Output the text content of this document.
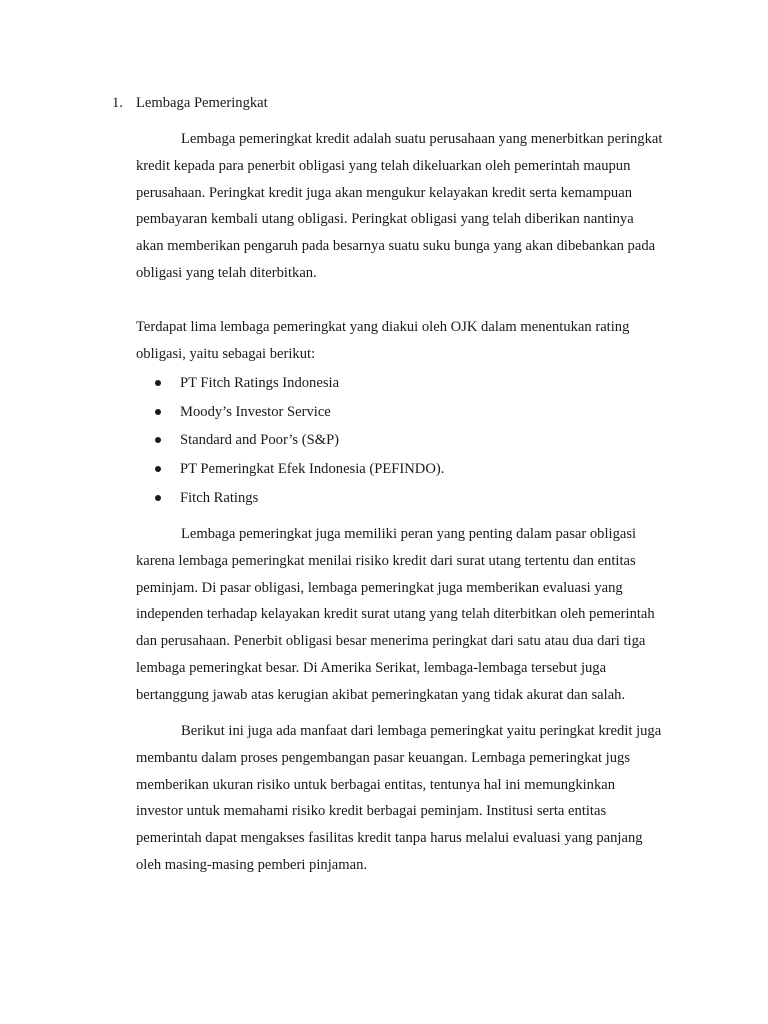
1. Lembaga Pemeringkat
Lembaga pemeringkat kredit adalah suatu perusahaan yang menerbitkan peringkat
kredit kepada para penerbit obligasi yang telah dikeluarkan oleh pemerintah maupun
perusahaan. Peringkat kredit juga akan mengukur kelayakan kredit serta kemampuan
pembayaran kembali utang obligasi. Peringkat obligasi yang telah diberikan nantinya
akan memberikan pengaruh pada besarnya suatu suku bunga yang akan dibebankan pada
obligasi yang telah diterbitkan.
Terdapat lima lembaga pemeringkat yang diakui oleh OJK dalam menentukan rating
obligasi, yaitu sebagai berikut:
PT Fitch Ratings Indonesia
Moody’s Investor Service
Standard and Poor’s (S&P)
PT Pemeringkat Efek Indonesia (PEFINDO).
Fitch Ratings
Lembaga pemeringkat juga memiliki peran yang penting dalam pasar obligasi
karena lembaga pemeringkat menilai risiko kredit dari surat utang tertentu dan entitas
peminjam. Di pasar obligasi, lembaga pemeringkat juga memberikan evaluasi yang
independen terhadap kelayakan kredit surat utang yang telah diterbitkan oleh pemerintah
dan perusahaan. Penerbit obligasi besar menerima peringkat dari satu atau dua dari tiga
lembaga pemeringkat besar. Di Amerika Serikat, lembaga-lembaga tersebut juga
bertanggung jawab atas kerugian akibat pemeringkatan yang tidak akurat dan salah.
Berikut ini juga ada manfaat dari lembaga pemeringkat yaitu peringkat kredit juga
membantu dalam proses pengembangan pasar keuangan. Lembaga pemeringkat jugs
memberikan ukuran risiko untuk berbagai entitas, tentunya hal ini memungkinkan
investor untuk memahami risiko kredit berbagai peminjam. Institusi serta entitas
pemerintah dapat mengakses fasilitas kredit tanpa harus melalui evaluasi yang panjang
oleh masing-masing pemberi pinjaman.
